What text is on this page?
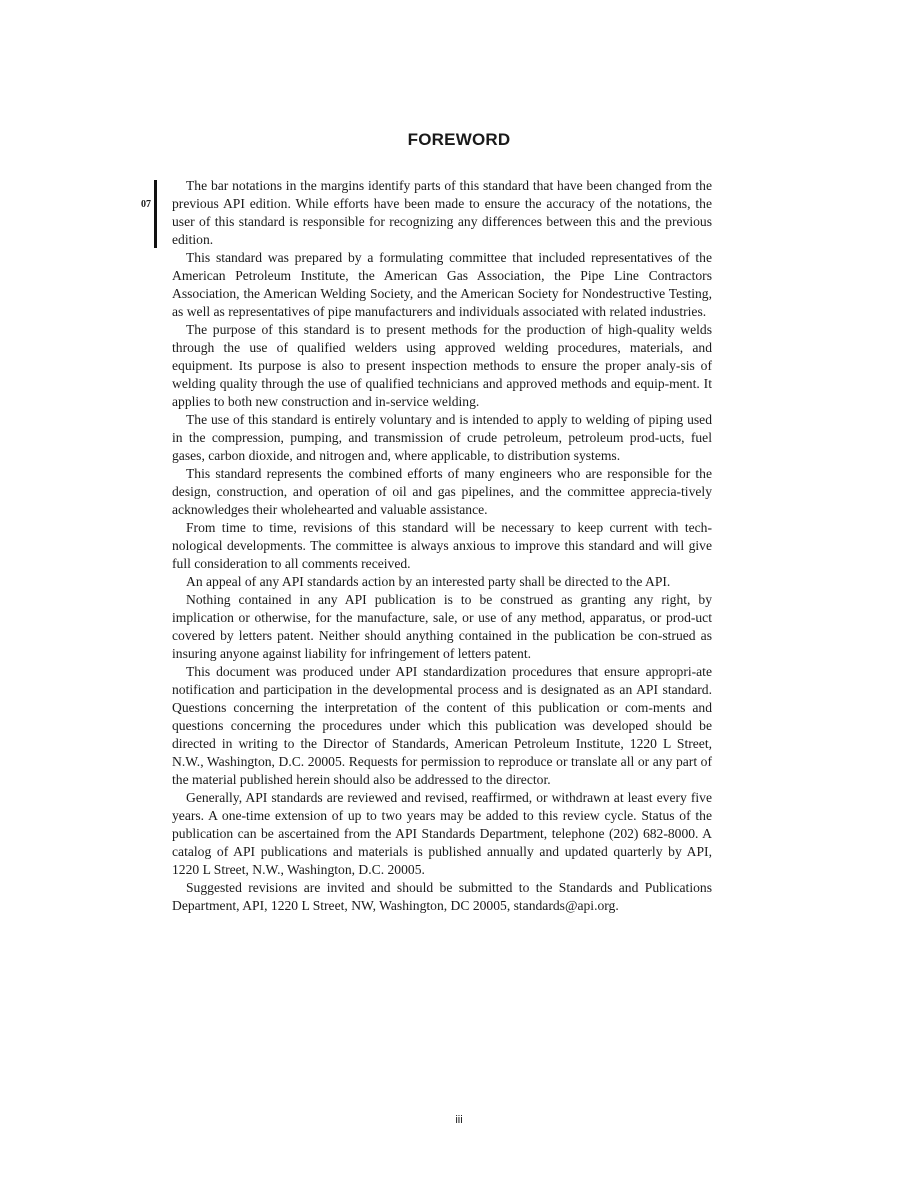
FOREWORD
07

The bar notations in the margins identify parts of this standard that have been changed from the previous API edition. While efforts have been made to ensure the accuracy of the notations, the user of this standard is responsible for recognizing any differences between this and the previous edition.

This standard was prepared by a formulating committee that included representatives of the American Petroleum Institute, the American Gas Association, the Pipe Line Contractors Association, the American Welding Society, and the American Society for Nondestructive Testing, as well as representatives of pipe manufacturers and individuals associated with related industries.

The purpose of this standard is to present methods for the production of high-quality welds through the use of qualified welders using approved welding procedures, materials, and equipment. Its purpose is also to present inspection methods to ensure the proper analy-sis of welding quality through the use of qualified technicians and approved methods and equip-ment. It applies to both new construction and in-service welding.

The use of this standard is entirely voluntary and is intended to apply to welding of piping used in the compression, pumping, and transmission of crude petroleum, petroleum prod-ucts, fuel gases, carbon dioxide, and nitrogen and, where applicable, to distribution systems.

This standard represents the combined efforts of many engineers who are responsible for the design, construction, and operation of oil and gas pipelines, and the committee apprecia-tively acknowledges their wholehearted and valuable assistance.

From time to time, revisions of this standard will be necessary to keep current with tech-nological developments. The committee is always anxious to improve this standard and will give full consideration to all comments received.

An appeal of any API standards action by an interested party shall be directed to the API.

Nothing contained in any API publication is to be construed as granting any right, by implication or otherwise, for the manufacture, sale, or use of any method, apparatus, or prod-uct covered by letters patent. Neither should anything contained in the publication be con-strued as insuring anyone against liability for infringement of letters patent.

This document was produced under API standardization procedures that ensure appropri-ate notification and participation in the developmental process and is designated as an API standard. Questions concerning the interpretation of the content of this publication or com-ments and questions concerning the procedures under which this publication was developed should be directed in writing to the Director of Standards, American Petroleum Institute, 1220 L Street, N.W., Washington, D.C. 20005. Requests for permission to reproduce or translate all or any part of the material published herein should also be addressed to the director.

Generally, API standards are reviewed and revised, reaffirmed, or withdrawn at least every five years. A one-time extension of up to two years may be added to this review cycle. Status of the publication can be ascertained from the API Standards Department, telephone (202) 682-8000. A catalog of API publications and materials is published annually and updated quarterly by API, 1220 L Street, N.W., Washington, D.C. 20005.

Suggested revisions are invited and should be submitted to the Standards and Publications Department, API, 1220 L Street, NW, Washington, DC 20005, standards@api.org.

iii
